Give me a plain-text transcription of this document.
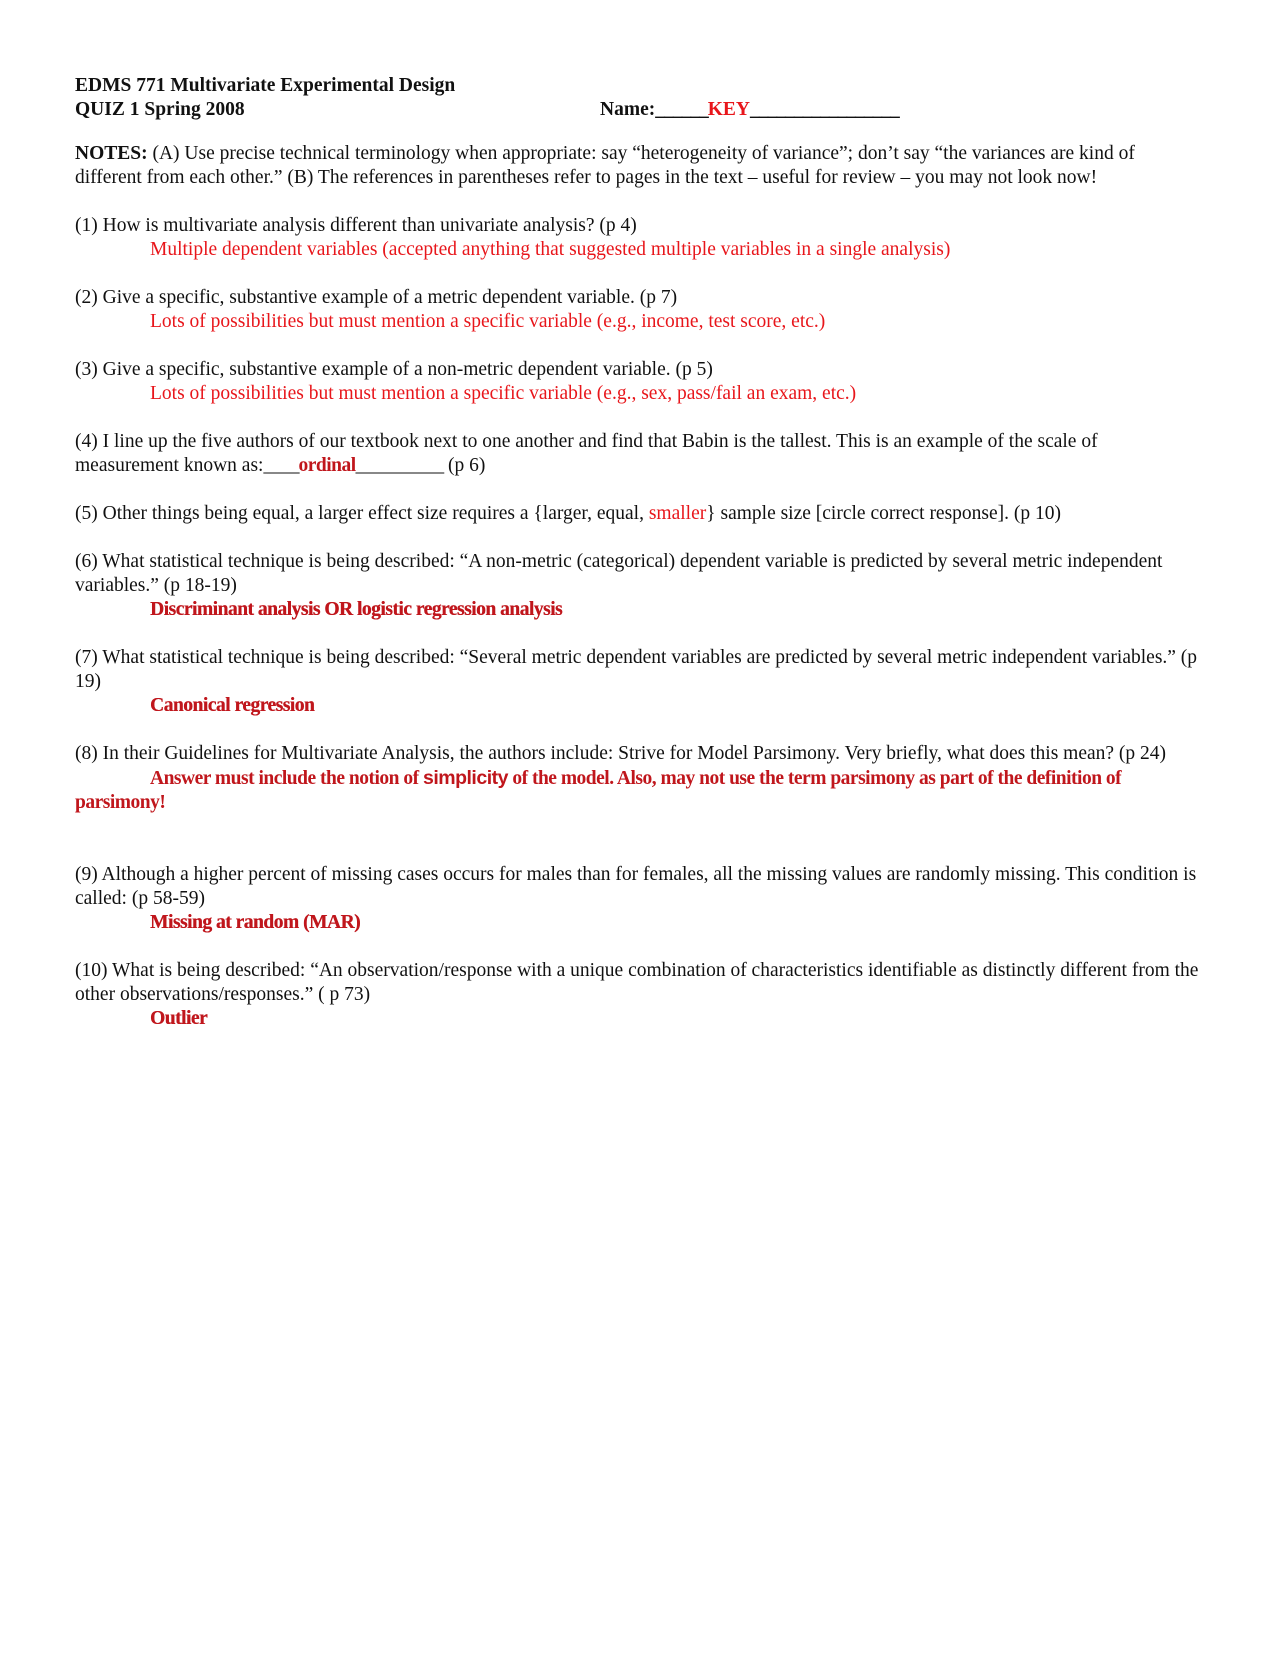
EDMS 771 Multivariate Experimental Design
QUIZ 1 Spring 2008	Name:______KEY_________________
NOTES: (A) Use precise technical terminology when appropriate: say “heterogeneity of variance”; don’t say “the variances are kind of different from each other.” (B) The references in parentheses refer to pages in the text – useful for review – you may not look now!
(1) How is multivariate analysis different than univariate analysis? (p 4)
Multiple dependent variables (accepted anything that suggested multiple variables in a single analysis)
(2) Give a specific, substantive example of a metric dependent variable. (p 7)
Lots of possibilities but must mention a specific variable (e.g., income, test score, etc.)
(3) Give a specific, substantive example of a non-metric dependent variable. (p 5)
Lots of possibilities but must mention a specific variable (e.g., sex, pass/fail an exam, etc.)
(4) I line up the five authors of our textbook next to one another and find that Babin is the tallest. This is an example of the scale of measurement known as:____ordinal__________ (p 6)
(5) Other things being equal, a larger effect size requires a {larger, equal, smaller} sample size [circle correct response]. (p 10)
(6) What statistical technique is being described: “A non-metric (categorical) dependent variable is predicted by several metric independent variables.” (p 18-19)
Discriminant analysis OR logistic regression analysis
(7) What statistical technique is being described: “Several metric dependent variables are predicted by several metric independent variables.” (p 19)
Canonical regression
(8) In their Guidelines for Multivariate Analysis, the authors include: Strive for Model Parsimony. Very briefly, what does this mean? (p 24)
Answer must include the notion of simplicity of the model. Also, may not use the term parsimony as part of the definition of parsimony!
(9) Although a higher percent of missing cases occurs for males than for females, all the missing values are randomly missing. This condition is called: (p 58-59)
Missing at random (MAR)
(10) What is being described: “An observation/response with a unique combination of characteristics identifiable as distinctly different from the other observations/responses.” ( p 73)
Outlier
